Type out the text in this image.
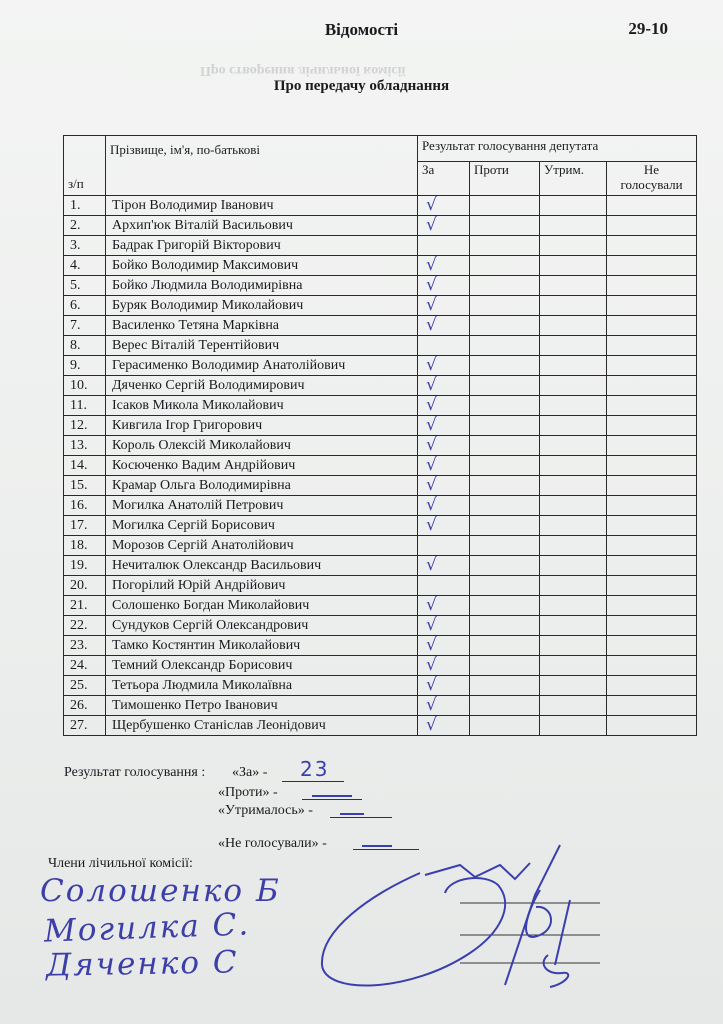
Відомості	29-10
Про створення лічильної комісії
Про передачу обладнання
з/п	Прізвище, ім'я, по-батькові	Результат голосування депутата			
		За	Проти	Утрим.	Не
голосували
1.	Тірон Володимир Іванович	√			
2.	Архип'юк Віталій Васильович	√			
3.	Бадрак Григорій Вікторович				
4.	Бойко Володимир Максимович	√			
5.	Бойко Людмила Володимирівна	√			
6.	Буряк Володимир Миколайович	√			
7.	Василенко Тетяна Марківна	√			
8.	Верес Віталій Терентійович				
9.	Герасименко Володимир Анатолійович	√			
10.	Дяченко Сергій Володимирович	√			
11.	Ісаков Микола Миколайович	√			
12.	Кивгила Ігор Григорович	√			
13.	Король Олексій Миколайович	√			
14.	Косюченко Вадим Андрійович	√			
15.	Крамар Ольга Володимирівна	√			
16.	Могилка Анатолій Петрович	√			
17.	Могилка Сергій Борисович	√			
18.	Морозов Сергій Анатолійович				
19.	Нечиталюк Олександр Васильович	√			
20.	Погорілий Юрій Андрійович				
21.	Солошенко Богдан Миколайович	√			
22.	Сундуков Сергій Олександрович	√			
23.	Тамко Костянтин Миколайович	√			
24.	Темний Олександр Борисович	√			
25.	Тетьора Людмила Миколаївна	√			
26.	Тимошенко Петро Іванович	√			
27.	Щербушенко Станіслав Леонідович	√			
Результат голосування : «За» - 23
«Проти» -
«Утрималось» -
«Не голосували» -
Члени лічильної комісії:
Солошенко Б
Могилка С.
Дяченко С
